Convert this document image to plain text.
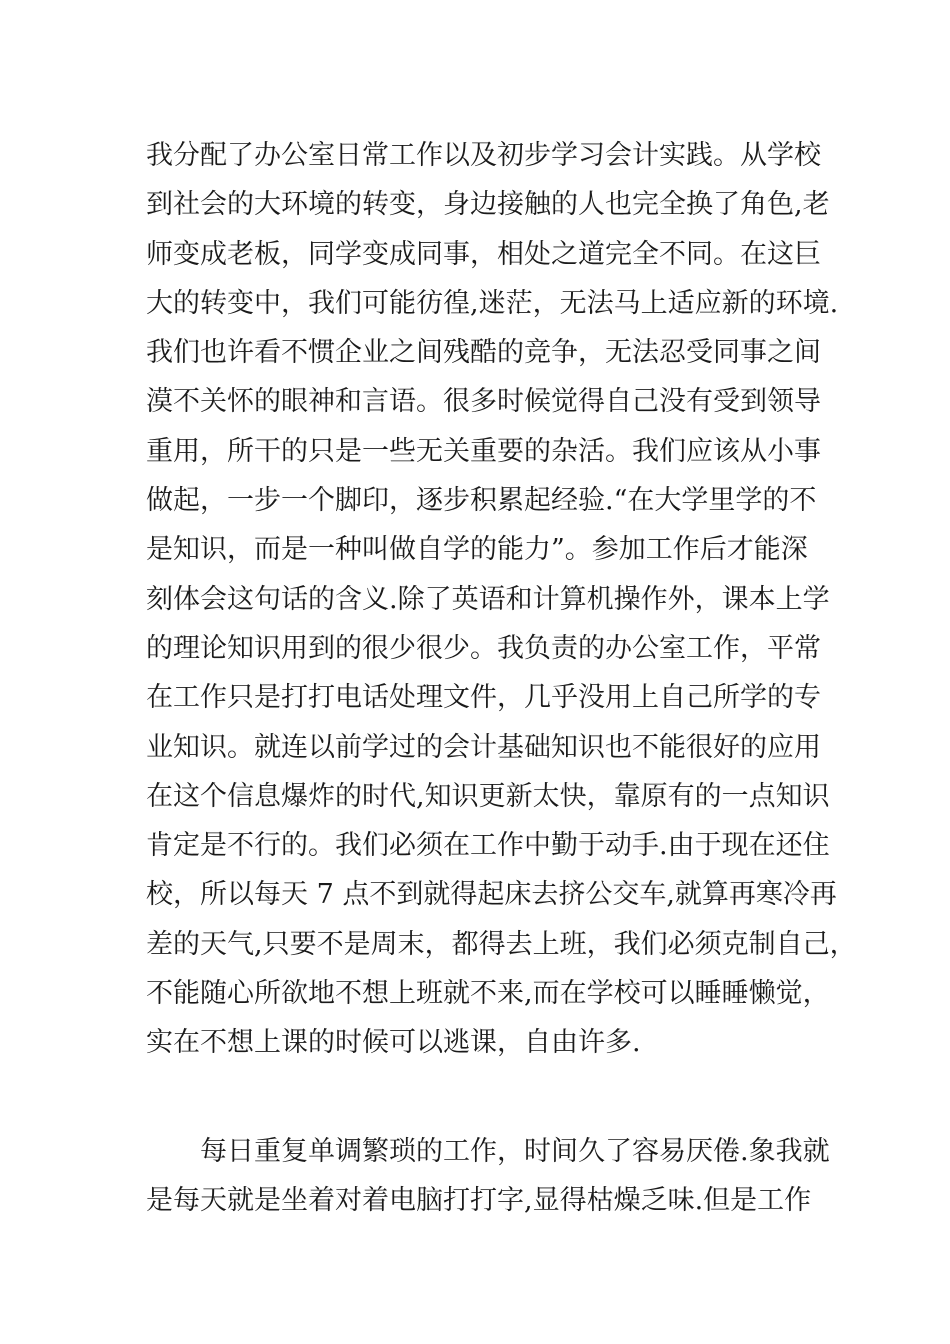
我分配了办公室日常工作以及初步学习会计实践。从学校
到社会的大环境的转变，身边接触的人也完全换了角色,老
师变成老板，同学变成同事，相处之道完全不同。在这巨
大的转变中，我们可能彷徨,迷茫，无法马上适应新的环境.
我们也许看不惯企业之间残酷的竞争，无法忍受同事之间
漠不关怀的眼神和言语。很多时候觉得自己没有受到领导
重用，所干的只是一些无关重要的杂活。我们应该从小事
做起，一步一个脚印，逐步积累起经验.“在大学里学的不
是知识，而是一种叫做自学的能力”。参加工作后才能深
刻体会这句话的含义.除了英语和计算机操作外，课本上学
的理论知识用到的很少很少。我负责的办公室工作，平常
在工作只是打打电话处理文件，几乎没用上自己所学的专
业知识。就连以前学过的会计基础知识也不能很好的应用
在这个信息爆炸的时代,知识更新太快，靠原有的一点知识
肯定是不行的。我们必须在工作中勤于动手.由于现在还住
校，所以每天 7 点不到就得起床去挤公交车,就算再寒冷再
差的天气,只要不是周末，都得去上班，我们必须克制自己，
不能随心所欲地不想上班就不来,而在学校可以睡睡懒觉，
实在不想上课的时候可以逃课，自由许多.
每日重复单调繁琐的工作，时间久了容易厌倦.象我就
是每天就是坐着对着电脑打打字,显得枯燥乏味.但是工作
